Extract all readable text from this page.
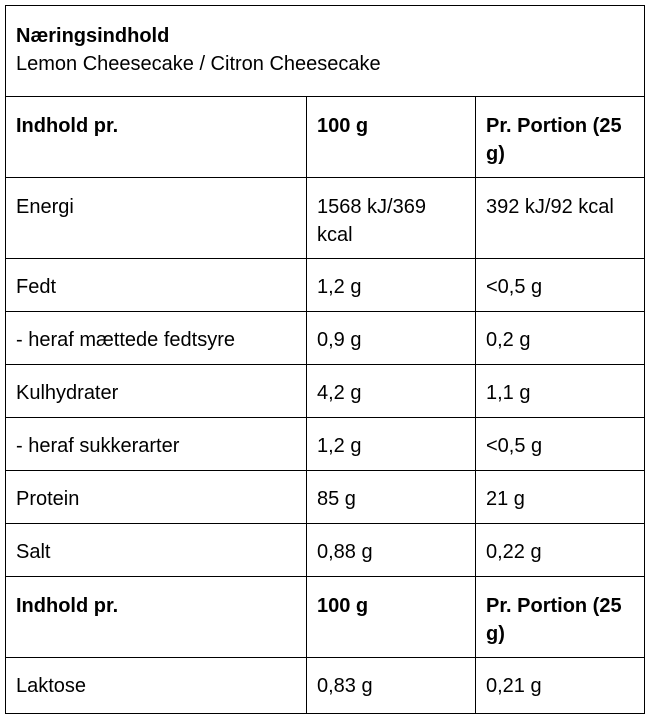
Næringsindhold
Lemon Cheesecake / Citron Cheesecake		

Indhold pr.	100 g	Pr. Portion (25 g)
Energi	1568 kJ/369 kcal	392 kJ/92 kcal
Fedt	1,2 g	<0,5 g
- heraf mættede fedtsyre	0,9 g	0,2 g
Kulhydrater	4,2 g	1,1 g
- heraf sukkerarter	1,2 g	<0,5 g
Protein	85 g	21 g
Salt	0,88 g	0,22 g
Indhold pr.	100 g	Pr. Portion (25 g)
Laktose	0,83 g	0,21 g
